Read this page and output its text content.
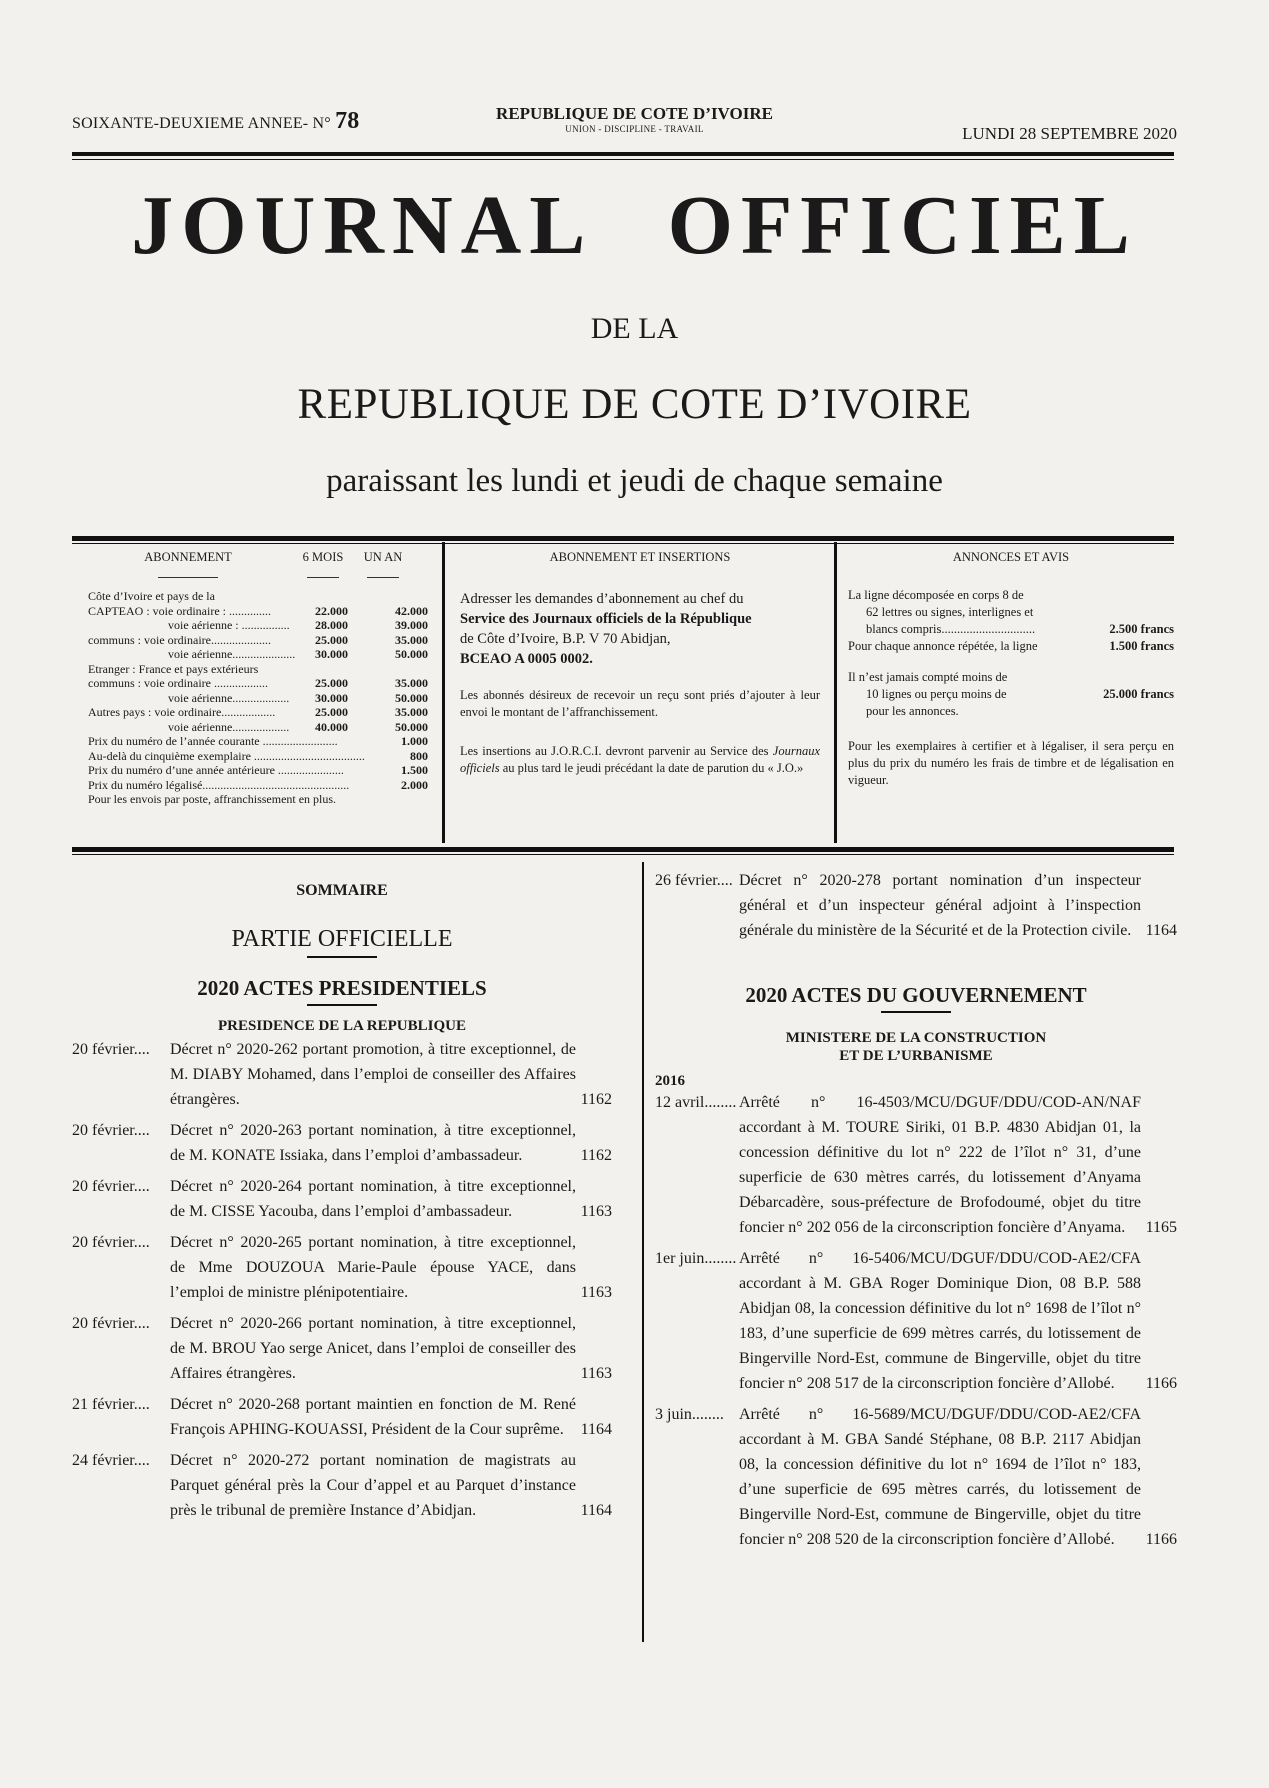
SOIXANTE-DEUXIEME ANNEE- N° 78	REPUBLIQUE DE COTE D’IVOIRE
UNION - DISCIPLINE - TRAVAIL	LUNDI 28 SEPTEMBRE 2020
JOURNAL OFFICIEL
DE LA
REPUBLIQUE DE COTE D’IVOIRE
paraissant les lundi et jeudi de chaque semaine
ABONNEMENT	6 MOIS	UN AN
Côte d’Ivoire et pays de la
CAPTEAO : voie ordinaire : ..............	22.000	42.000
voie aérienne : ................	28.000	39.000
communs : voie ordinaire....................	25.000	35.000
voie aérienne.....................	30.000	50.000
Etranger : France et pays extérieurs
communs : voie ordinaire ..................	25.000	35.000
voie aérienne...................	30.000	50.000
Autres pays : voie ordinaire..................	25.000	35.000
voie aérienne...................	40.000	50.000
Prix du numéro de l’année courante .........................	1.000
Au-delà du cinquième exemplaire .....................................	800
Prix du numéro d’une année antérieure ......................	1.500
Prix du numéro légalisé.................................................	2.000
Pour les envois par poste, affranchissement en plus.
ABONNEMENT ET INSERTIONS
Adresser les demandes d’abonnement au chef du
Service des Journaux officiels de la République
de Côte d’Ivoire, B.P. V 70 Abidjan,
BCEAO A 0005 0002.
Les abonnés désireux de recevoir un reçu sont priés d’ajouter à leur envoi le montant de l’affranchissement.
Les insertions au J.O.R.C.I. devront parvenir au Service des Journaux officiels au plus tard le jeudi précédant la date de parution du « J.O.»
ANNONCES ET AVIS
La ligne décomposée en corps 8 de
62 lettres ou signes, interlignes et
blancs compris..............................	2.500 francs
Pour chaque annonce répétée, la ligne	1.500 francs
Il n’est jamais compté moins de
10 lignes ou perçu moins de	25.000 francs
pour les annonces.
Pour les exemplaires à certifier et à légaliser, il sera perçu en plus du prix du numéro les frais de timbre et de légalisation en vigueur.
SOMMAIRE
PARTIE OFFICIELLE
2020 ACTES PRESIDENTIELS
PRESIDENCE DE LA REPUBLIQUE
20 février....	Décret n° 2020-262 portant promotion, à titre exceptionnel, de M. DIABY Mohamed, dans l’emploi de conseiller des Affaires étrangères.	1162
20 février....	Décret n° 2020-263 portant nomination, à titre exceptionnel, de M. KONATE Issiaka, dans l’emploi d’ambassadeur.	1162
20 février....	Décret n° 2020-264 portant nomination, à titre exceptionnel, de M. CISSE Yacouba, dans l’emploi d’ambassadeur.	1163
20 février....	Décret n° 2020-265 portant nomination, à titre exceptionnel, de Mme DOUZOUA Marie-Paule épouse YACE, dans l’emploi de ministre plénipotentiaire.	1163
20 février....	Décret n° 2020-266 portant nomination, à titre exceptionnel, de M. BROU Yao serge Anicet, dans l’emploi de conseiller des Affaires étrangères.	1163
21 février....	Décret n° 2020-268 portant maintien en fonction de M. René François APHING-KOUASSI, Président de la Cour suprême.	1164
24 février....	Décret n° 2020-272 portant nomination de magistrats au Parquet général près la Cour d’appel et au Parquet d’instance près le tribunal de première Instance d’Abidjan.	1164
26 février.... Décret n° 2020-278 portant nomination d’un inspecteur général et d’un inspecteur général adjoint à l’inspection générale du ministère de la Sécurité et de la Protection civile. 1164
2020 ACTES DU GOUVERNEMENT
MINISTERE DE LA CONSTRUCTION
ET DE L’URBANISME
2016
12 avril........ Arrêté n° 16-4503/MCU/DGUF/DDU/COD-AN/NAF accordant à M. TOURE Siriki, 01 B.P. 4830 Abidjan 01, la concession définitive du lot n° 222 de l’îlot n° 31, d’une superficie de 630 mètres carrés, du lotissement d’Anyama Débarcadère, sous-préfecture de Brofodoumé, objet du titre foncier n° 202 056 de la circonscription foncière d’Anyama.	1165
1er juin........ Arrêté n° 16-5406/MCU/DGUF/DDU/COD-AE2/CFA accordant à M. GBA Roger Dominique Dion, 08 B.P. 588 Abidjan 08, la concession définitive du lot n° 1698 de l’îlot n° 183, d’une superficie de 699 mètres carrés, du lotissement de Bingerville Nord-Est, commune de Bingerville, objet du titre foncier n° 208 517 de la circonscription foncière d’Allobé.	1166
3 juin........ Arrêté n° 16-5689/MCU/DGUF/DDU/COD-AE2/CFA accordant à M. GBA Sandé Stéphane, 08 B.P. 2117 Abidjan 08, la concession définitive du lot n° 1694 de l’îlot n° 183, d’une superficie de 695 mètres carrés, du lotissement de Bingerville Nord-Est, commune de Bingerville, objet du titre foncier n° 208 520 de la circonscription foncière d’Allobé.	1166
